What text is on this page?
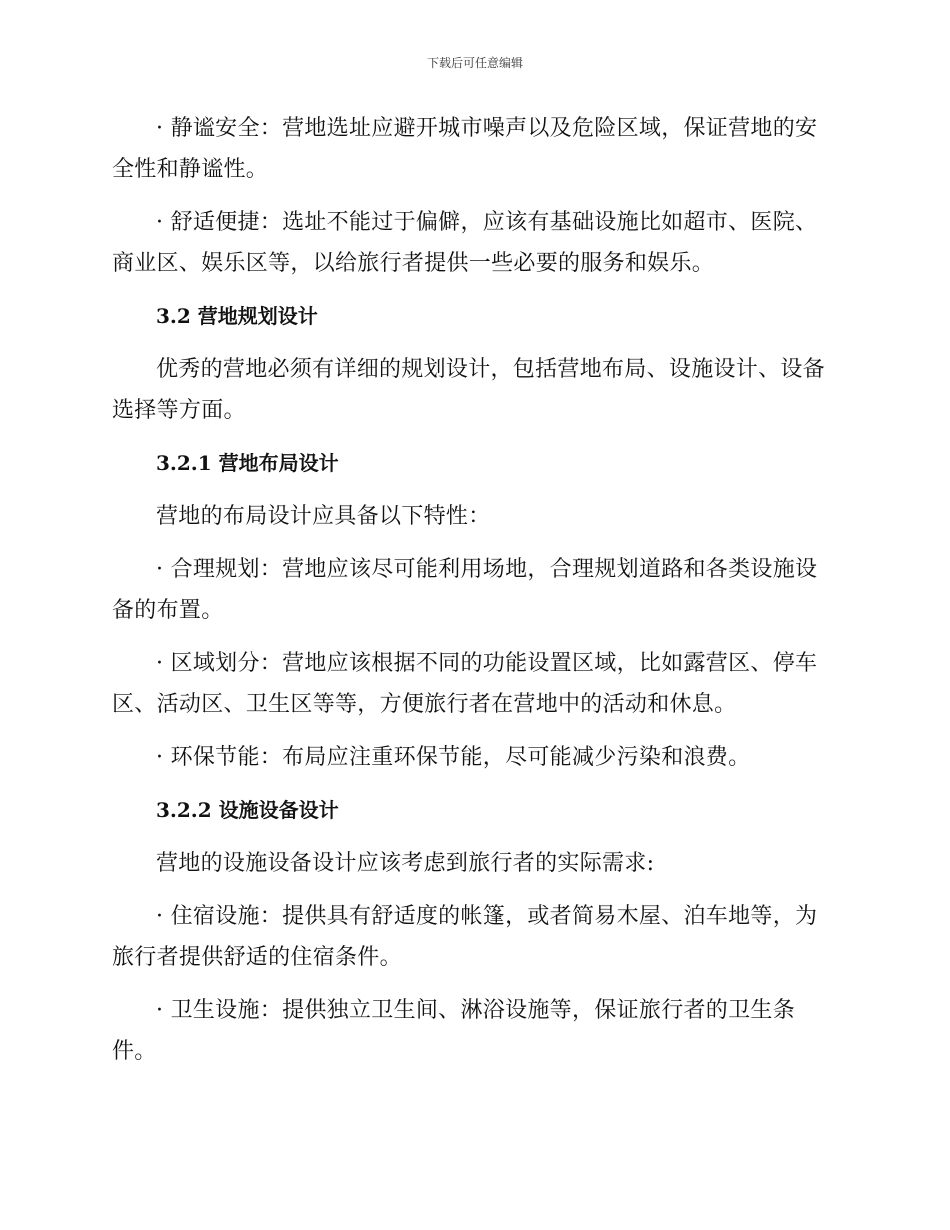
下载后可任意编辑

· 静谧安全：营地选址应避开城市噪声以及危险区域，保证营地的安全性和静谧性。

· 舒适便捷：选址不能过于偏僻，应该有基础设施比如超市、医院、商业区、娱乐区等，以给旅行者提供一些必要的服务和娱乐。

3.2 营地规划设计

优秀的营地必须有详细的规划设计，包括营地布局、设施设计、设备选择等方面。

3.2.1 营地布局设计

营地的布局设计应具备以下特性：

· 合理规划：营地应该尽可能利用场地，合理规划道路和各类设施设备的布置。

· 区域划分：营地应该根据不同的功能设置区域，比如露营区、停车区、活动区、卫生区等等，方便旅行者在营地中的活动和休息。

· 环保节能：布局应注重环保节能，尽可能减少污染和浪费。

3.2.2 设施设备设计

营地的设施设备设计应该考虑到旅行者的实际需求:

· 住宿设施：提供具有舒适度的帐篷，或者简易木屋、泊车地等，为旅行者提供舒适的住宿条件。

· 卫生设施：提供独立卫生间、淋浴设施等，保证旅行者的卫生条件。
